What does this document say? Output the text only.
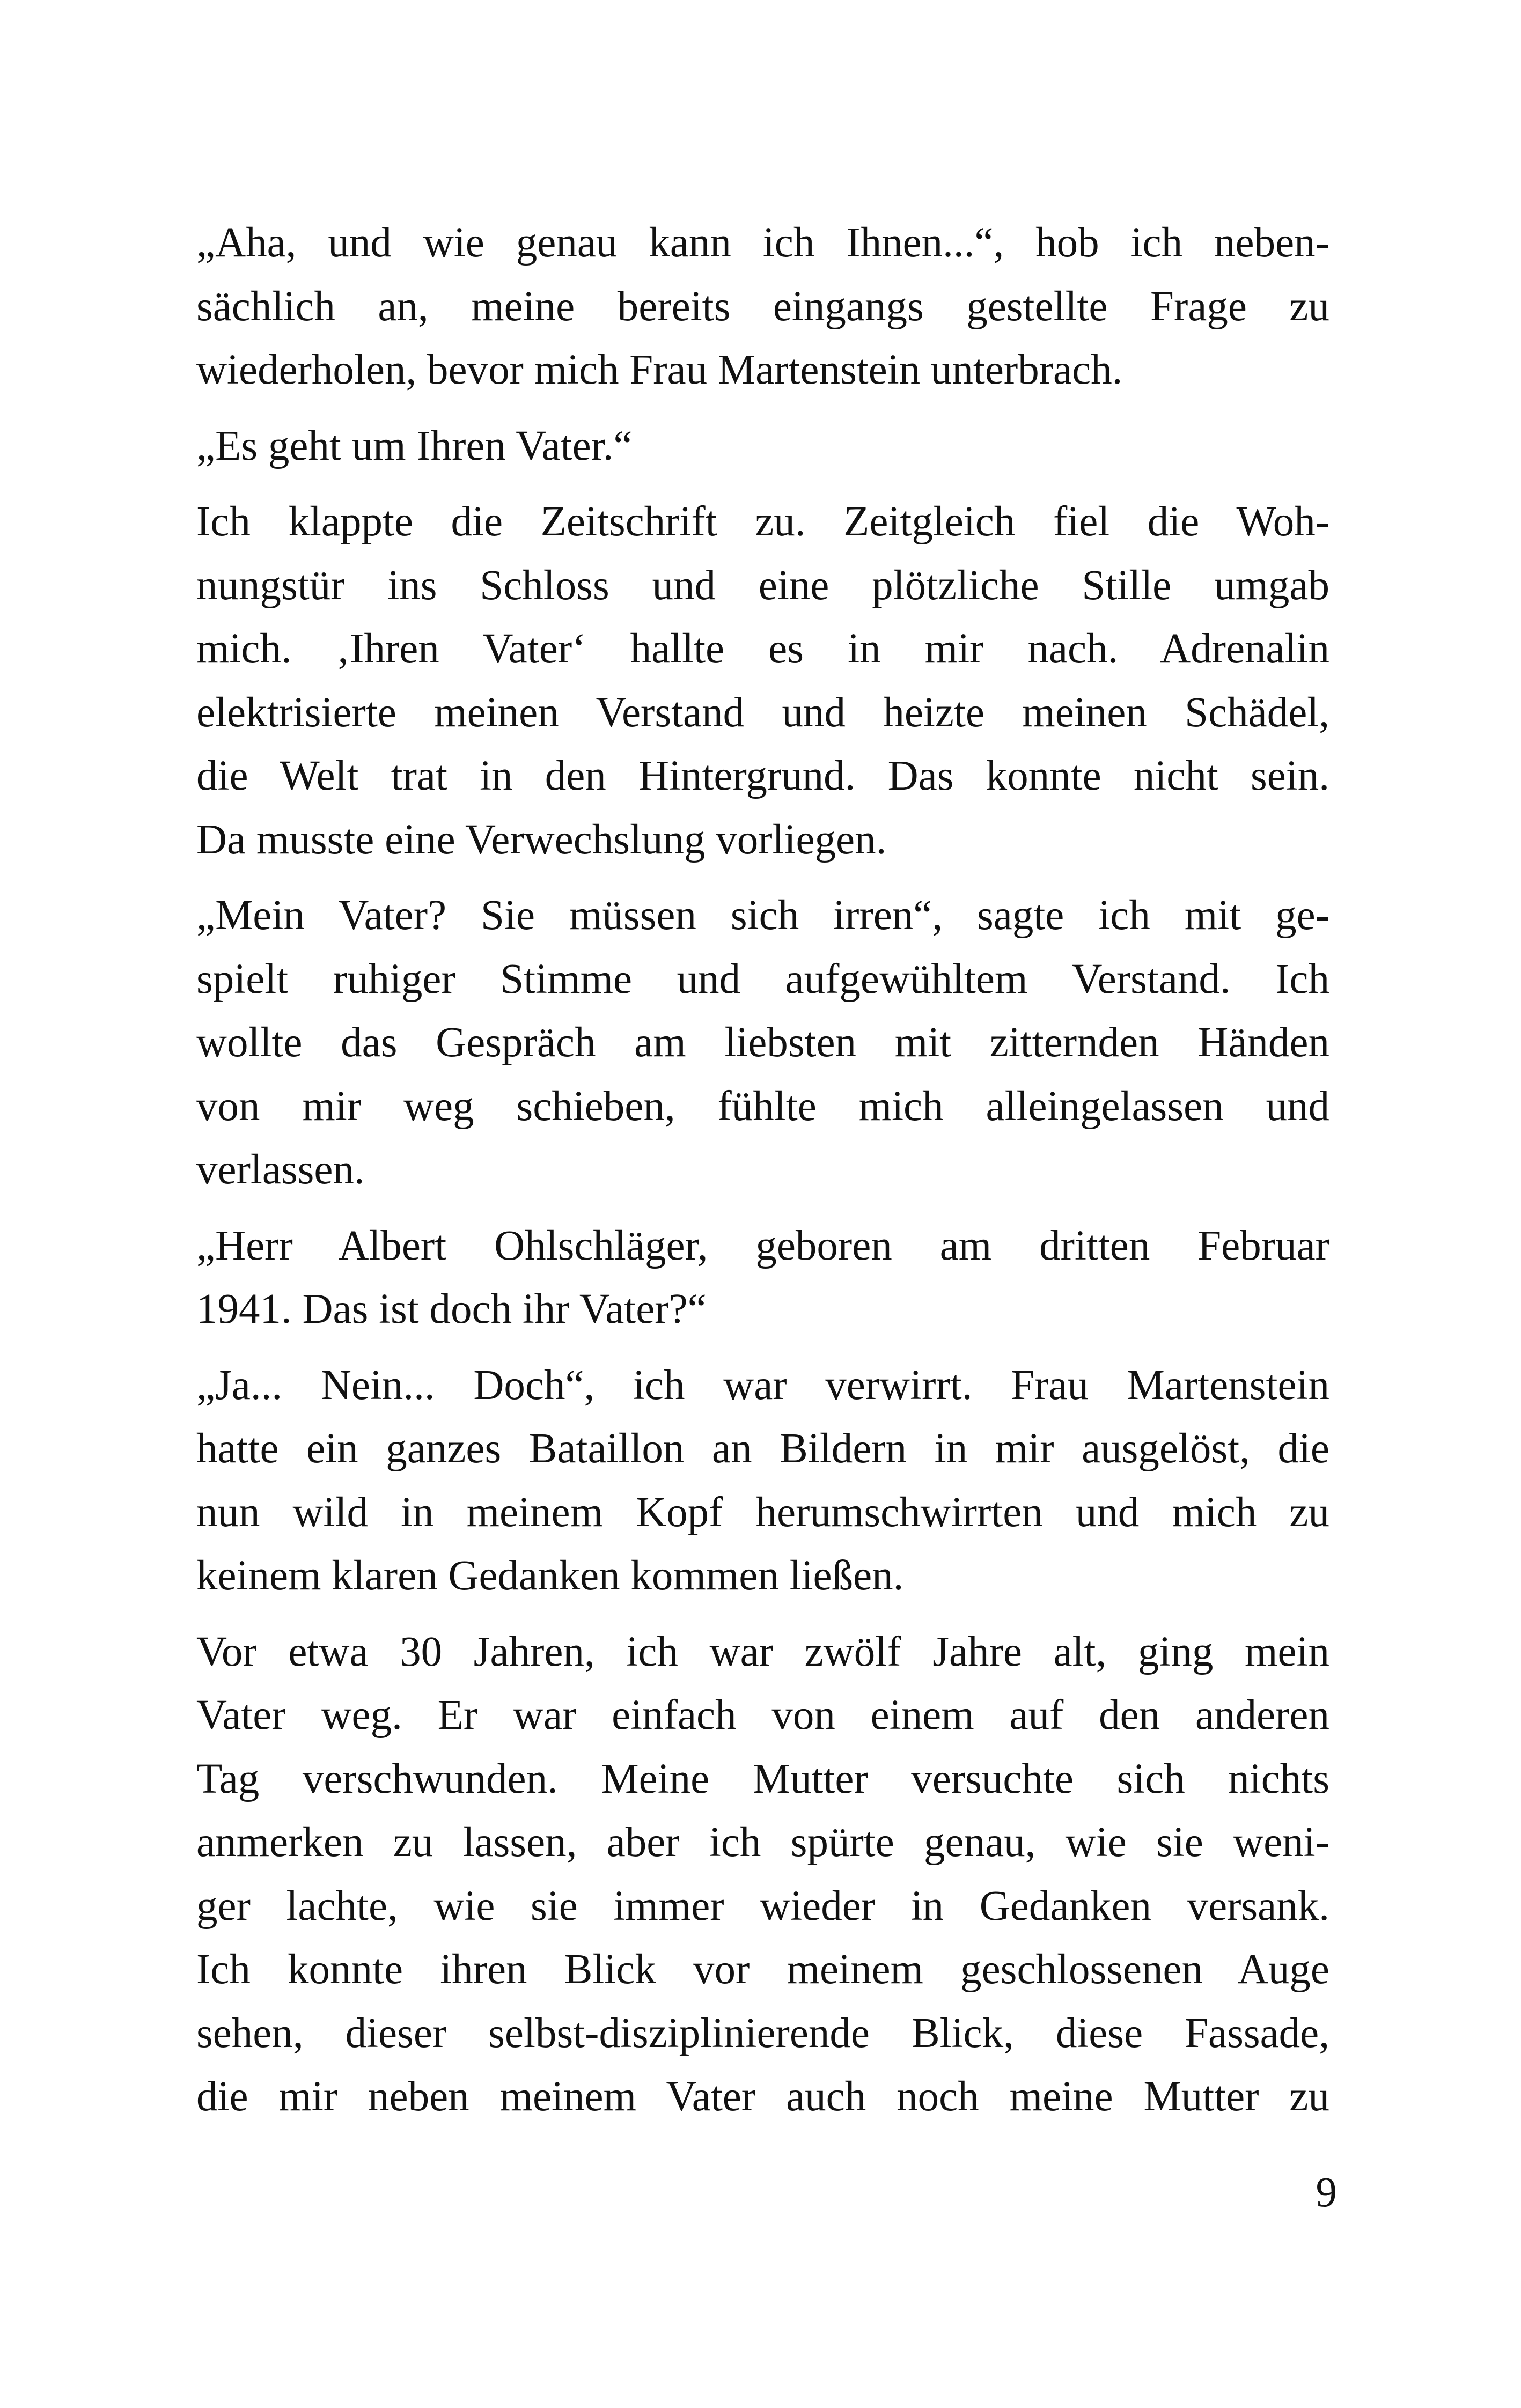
„Aha, und wie genau kann ich Ihnen...“, hob ich neben-
sächlich an, meine bereits eingangs gestellte Frage zu
wiederholen, bevor mich Frau Martenstein unterbrach.

„Es geht um Ihren Vater.“

Ich klappte die Zeitschrift zu. Zeitgleich fiel die Woh-
nungstür ins Schloss und eine plötzliche Stille umgab
mich. ‚Ihren Vater‘ hallte es in mir nach. Adrenalin
elektrisierte meinen Verstand und heizte meinen Schädel,
die Welt trat in den Hintergrund. Das konnte nicht sein.
Da musste eine Verwechslung vorliegen.

„Mein Vater? Sie müssen sich irren“, sagte ich mit ge-
spielt ruhiger Stimme und aufgewühltem Verstand. Ich
wollte das Gespräch am liebsten mit zitternden Händen
von mir weg schieben, fühlte mich alleingelassen und
verlassen.

„Herr Albert Ohlschläger, geboren am dritten Februar
1941. Das ist doch ihr Vater?“

„Ja... Nein... Doch“, ich war verwirrt. Frau Martenstein
hatte ein ganzes Bataillon an Bildern in mir ausgelöst, die
nun wild in meinem Kopf herumschwirrten und mich zu
keinem klaren Gedanken kommen ließen.

Vor etwa 30 Jahren, ich war zwölf Jahre alt, ging mein
Vater weg. Er war einfach von einem auf den anderen
Tag verschwunden. Meine Mutter versuchte sich nichts
anmerken zu lassen, aber ich spürte genau, wie sie weni-
ger lachte, wie sie immer wieder in Gedanken versank.
Ich konnte ihren Blick vor meinem geschlossenen Auge
sehen, dieser selbst-disziplinierende Blick, diese Fassade,
die mir neben meinem Vater auch noch meine Mutter zu

9
